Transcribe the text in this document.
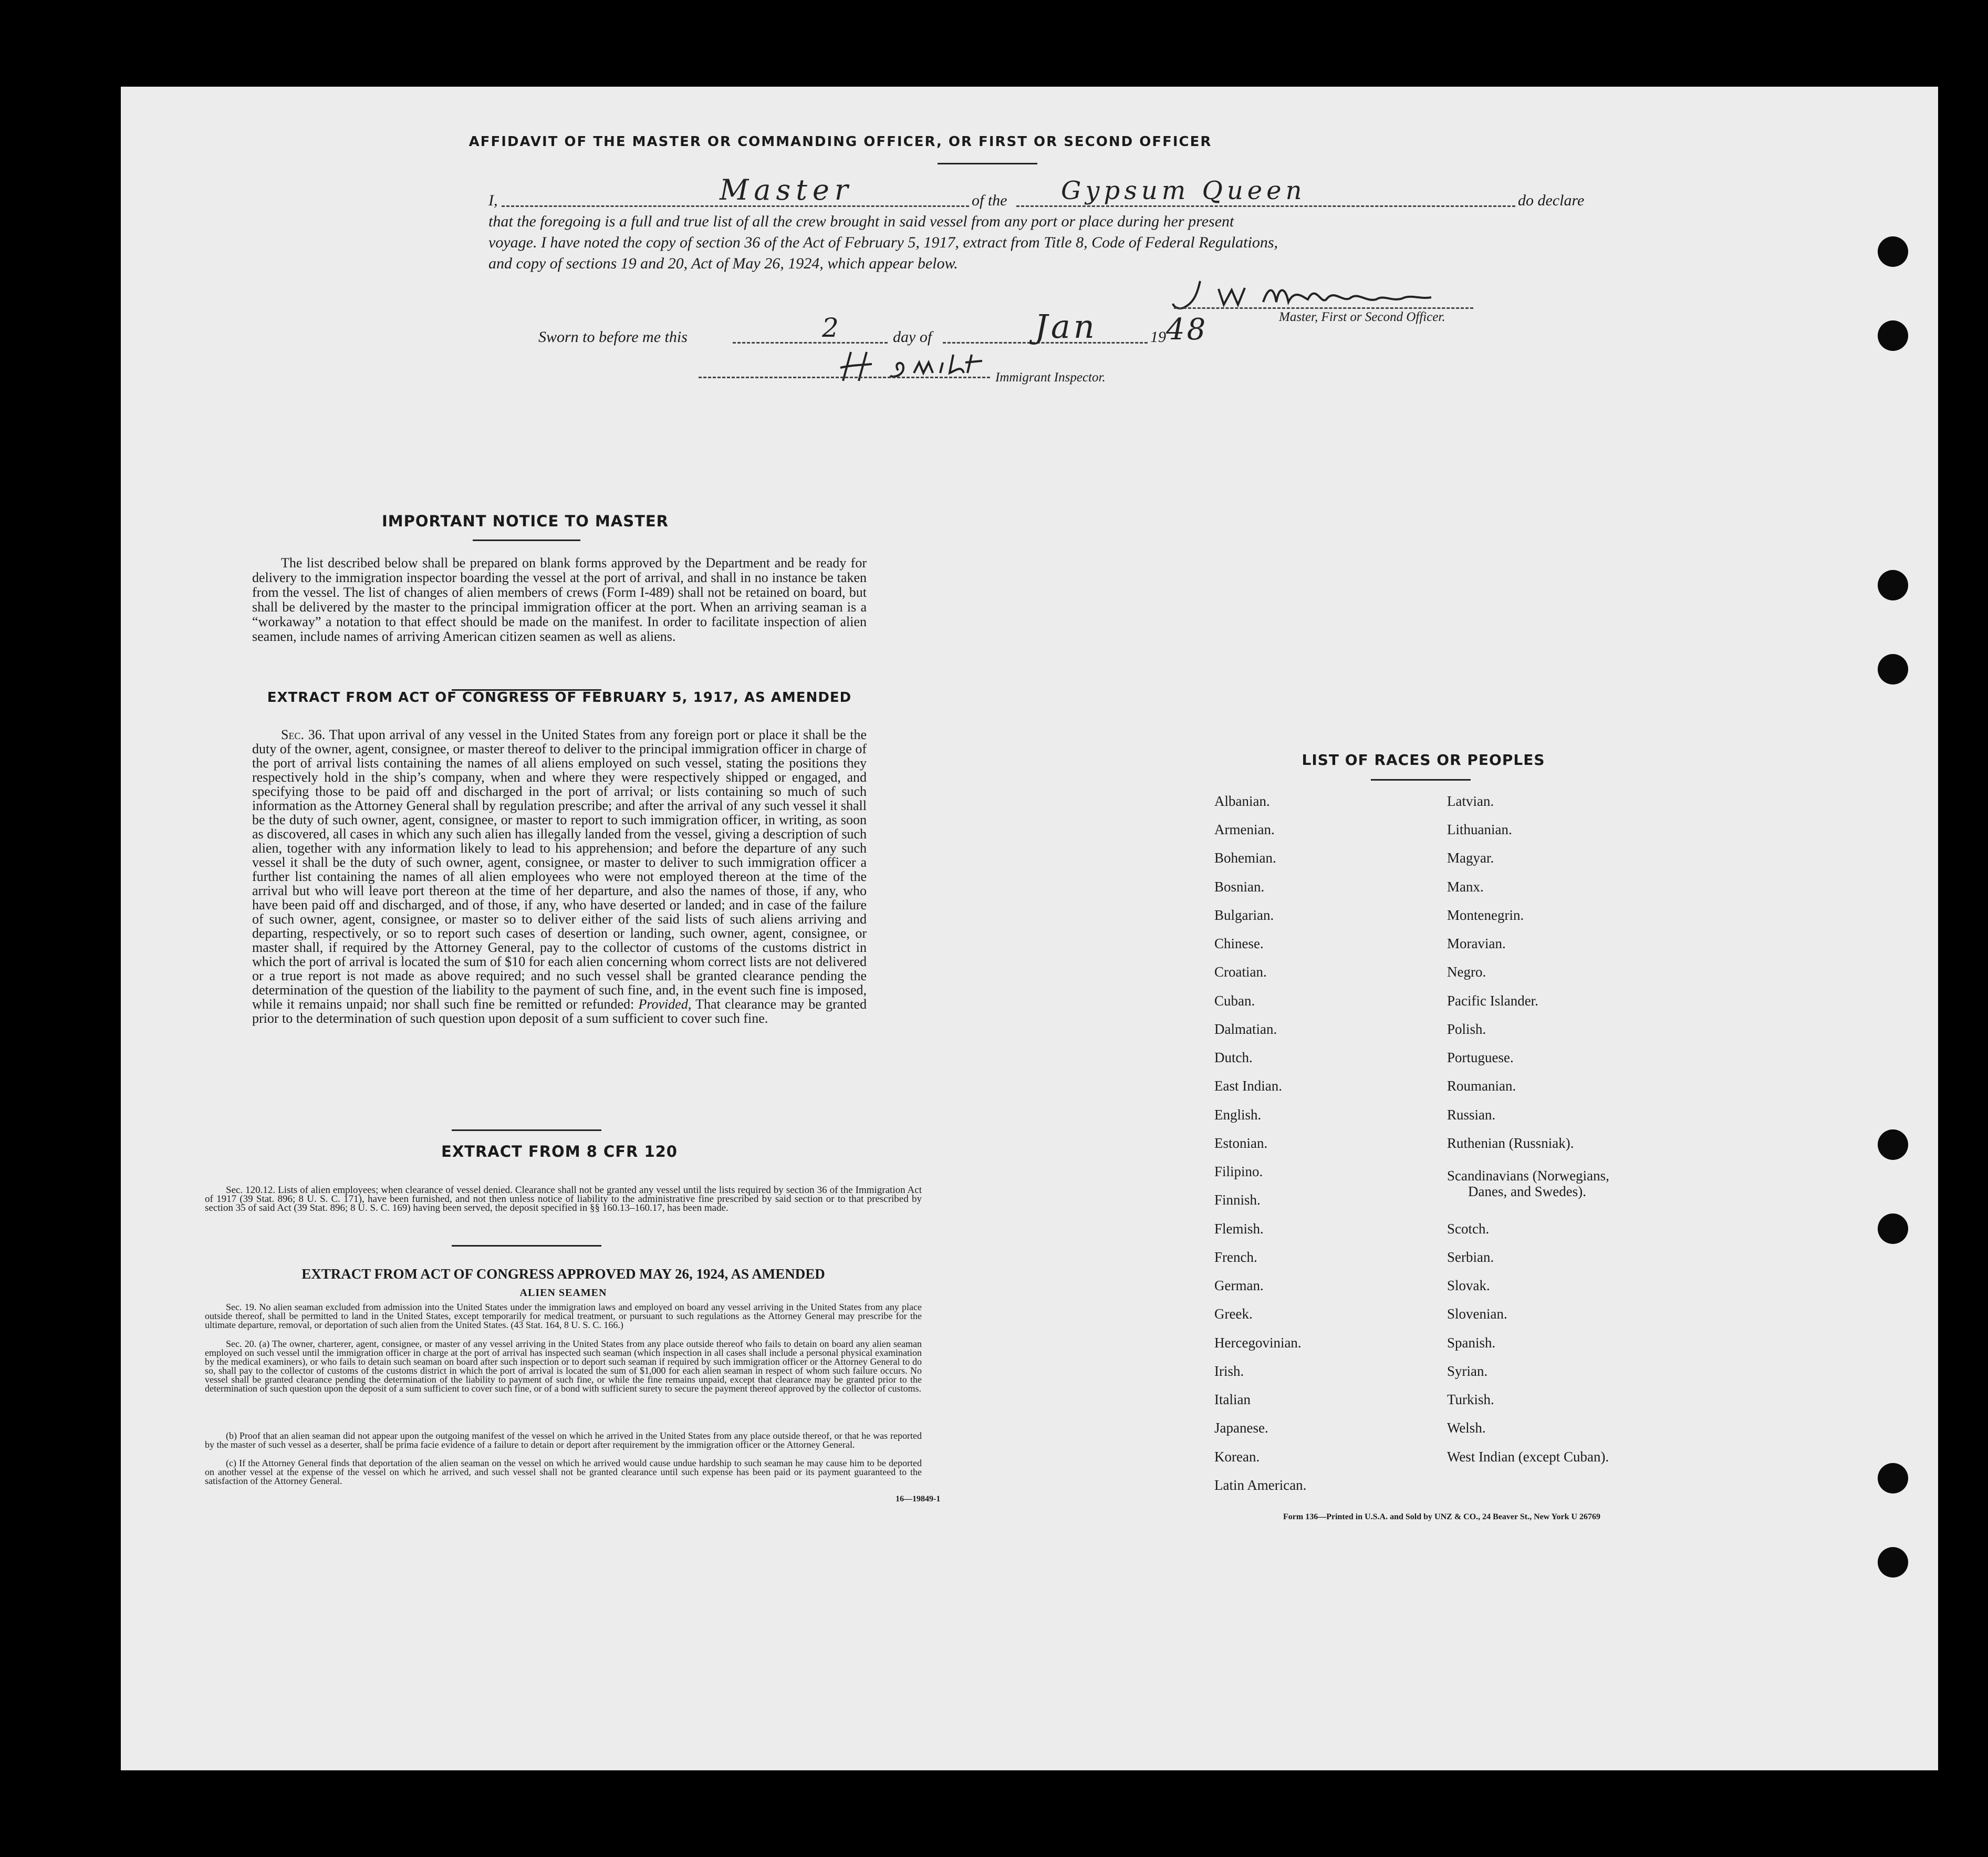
AFFIDAVIT OF THE MASTER OR COMMANDING OFFICER, OR FIRST OR SECOND OFFICER
I,	Master	of the Gypsum Queen	do declare
that the foregoing is a full and true list of all the crew brought in said vessel from any port or place during her present
voyage. I have noted the copy of section 36 of the Act of February 5, 1917, extract from Title 8, Code of Federal Regulations,
and copy of sections 19 and 20, Act of May 26, 1924, which appear below.
Master, First or Second Officer.
Sworn to before me this	2	day of	Jan	19 48
Immigrant Inspector.
IMPORTANT NOTICE TO MASTER
The list described below shall be prepared on blank forms approved by the Department and be ready for delivery to the immigration inspector boarding the vessel at the port of arrival, and shall in no instance be taken from the vessel. The list of changes of alien members of crews (Form I-489) shall not be retained on board, but shall be delivered by the master to the principal immigration officer at the port. When an arriving seaman is a “workaway” a notation to that effect should be made on the manifest. In order to facilitate inspection of alien seamen, include names of arriving American citizen seamen as well as aliens.
EXTRACT FROM ACT OF CONGRESS OF FEBRUARY 5, 1917, AS AMENDED
Sec. 36. That upon arrival of any vessel in the United States from any foreign port or place it shall be the duty of the owner, agent, consignee, or master thereof to deliver to the principal immigration officer in charge of the port of arrival lists containing the names of all aliens employed on such vessel, stating the positions they respectively hold in the ship’s company, when and where they were respectively shipped or engaged, and specifying those to be paid off and discharged in the port of arrival; or lists containing so much of such information as the Attorney General shall by regulation prescribe; and after the arrival of any such vessel it shall be the duty of such owner, agent, consignee, or master to report to such immigration officer, in writing, as soon as discovered, all cases in which any such alien has illegally landed from the vessel, giving a description of such alien, together with any information likely to lead to his apprehension; and before the departure of any such vessel it shall be the duty of such owner, agent, consignee, or master to deliver to such immigration officer a further list containing the names of all alien employees who were not employed thereon at the time of the arrival but who will leave port thereon at the time of her departure, and also the names of those, if any, who have been paid off and discharged, and of those, if any, who have deserted or landed; and in case of the failure of such owner, agent, consignee, or master so to deliver either of the said lists of such aliens arriving and departing, respectively, or so to report such cases of desertion or landing, such owner, agent, consignee, or master shall, if required by the Attorney General, pay to the collector of customs of the customs district in which the port of arrival is located the sum of $10 for each alien concerning whom correct lists are not delivered or a true report is not made as above required; and no such vessel shall be granted clearance pending the determination of the question of the liability to the payment of such fine, and, in the event such fine is imposed, while it remains unpaid; nor shall such fine be remitted or refunded: Provided, That clearance may be granted prior to the determination of such question upon deposit of a sum sufficient to cover such fine.
EXTRACT FROM 8 CFR 120
Sec. 120.12. Lists of alien employees; when clearance of vessel denied. Clearance shall not be granted any vessel until the lists required by section 36 of the Immigration Act of 1917 (39 Stat. 896; 8 U. S. C. 171), have been furnished, and not then unless notice of liability to the administrative fine prescribed by said section or to that prescribed by section 35 of said Act (39 Stat. 896; 8 U. S. C. 169) having been served, the deposit specified in §§ 160.13–160.17, has been made.
EXTRACT FROM ACT OF CONGRESS APPROVED MAY 26, 1924, AS AMENDED
ALIEN SEAMEN
Sec. 19. No alien seaman excluded from admission into the United States under the immigration laws and employed on board any vessel arriving in the United States from any place outside thereof, shall be permitted to land in the United States, except temporarily for medical treatment, or pursuant to such regulations as the Attorney General may prescribe for the ultimate departure, removal, or deportation of such alien from the United States. (43 Stat. 164, 8 U. S. C. 166.)
Sec. 20. (a) The owner, charterer, agent, consignee, or master of any vessel arriving in the United States from any place outside thereof who fails to detain on board any alien seaman employed on such vessel until the immigration officer in charge at the port of arrival has inspected such seaman (which inspection in all cases shall include a personal physical examination by the medical examiners), or who fails to detain such seaman on board after such inspection or to deport such seaman if required by such immigration officer or the Attorney General to do so, shall pay to the collector of customs of the customs district in which the port of arrival is located the sum of $1,000 for each alien seaman in respect of whom such failure occurs. No vessel shall be granted clearance pending the determination of the liability to payment of such fine, or while the fine remains unpaid, except that clearance may be granted prior to the determination of such question upon the deposit of a sum sufficient to cover such fine, or of a bond with sufficient surety to secure the payment thereof approved by the collector of customs.
(b) Proof that an alien seaman did not appear upon the outgoing manifest of the vessel on which he arrived in the United States from any place outside thereof, or that he was reported by the master of such vessel as a deserter, shall be prima facie evidence of a failure to detain or deport after requirement by the immigration officer or the Attorney General.
(c) If the Attorney General finds that deportation of the alien seaman on the vessel on which he arrived would cause undue hardship to such seaman he may cause him to be deported on another vessel at the expense of the vessel on which he arrived, and such vessel shall not be granted clearance until such expense has been paid or its payment guaranteed to the satisfaction of the Attorney General.
16—19849-1
LIST OF RACES OR PEOPLES
Albanian.
Armenian.
Bohemian.
Bosnian.
Bulgarian.
Chinese.
Croatian.
Cuban.
Dalmatian.
Dutch.
East Indian.
English.
Estonian.
Filipino.
Finnish.
Flemish.
French.
German.
Greek.
Hercegovinian.
Irish.
Italian
Japanese.
Korean.
Latin American.
Latvian.
Lithuanian.
Magyar.
Manx.
Montenegrin.
Moravian.
Negro.
Pacific Islander.
Polish.
Portuguese.
Roumanian.
Russian.
Ruthenian (Russniak).
Scandinavians (Norwegians,
Danes, and Swedes).
Scotch.
Serbian.
Slovak.
Slovenian.
Spanish.
Syrian.
Turkish.
Welsh.
West Indian (except Cuban).
Form 136—Printed in U.S.A. and Sold by UNZ & CO., 24 Beaver St., New York U 26769
